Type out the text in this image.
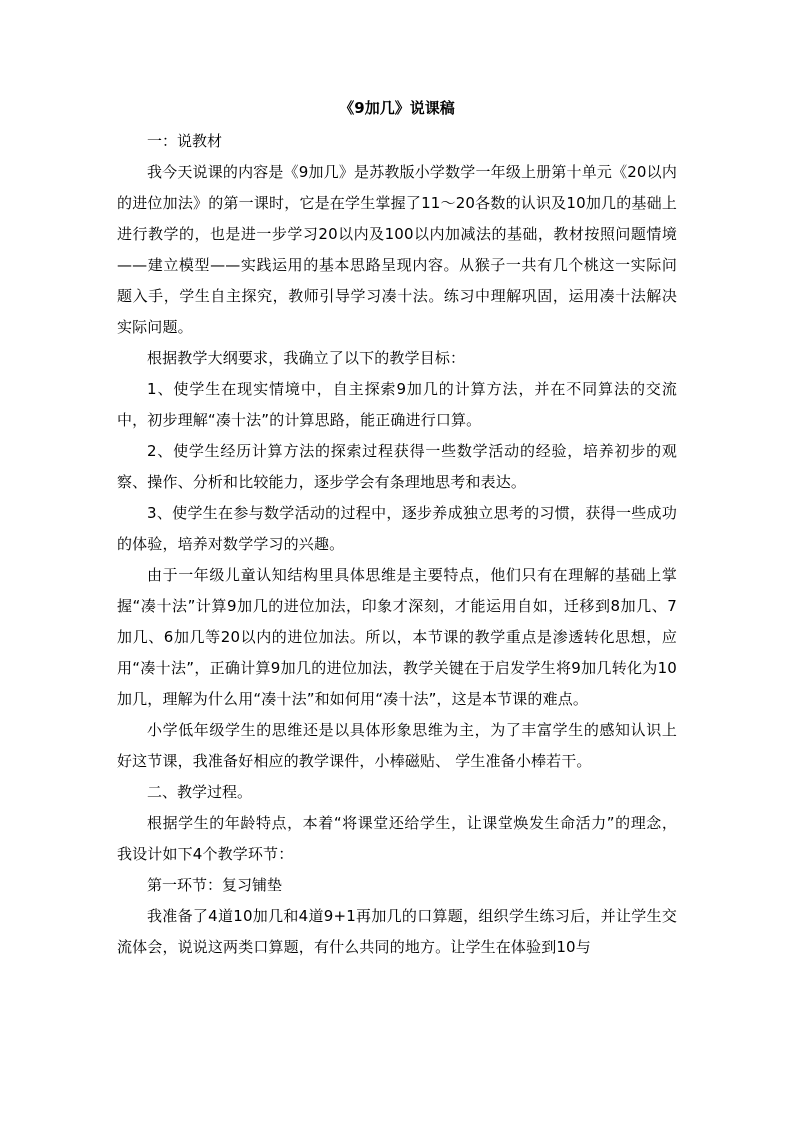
《9加几》说课稿

一：说教材

我今天说课的内容是《9加几》是苏教版小学数学一年级上册第十单元《20以内的进位加法》的第一课时，它是在学生掌握了11～20各数的认识及10加几的基础上进行教学的，也是进一步学习20以内及100以内加减法的基础，教材按照问题情境——建立模型——实践运用的基本思路呈现内容。从猴子一共有几个桃这一实际问题入手，学生自主探究，教师引导学习凑十法。练习中理解巩固，运用凑十法解决实际问题。

根据教学大纲要求，我确立了以下的教学目标：

1、使学生在现实情境中，自主探索9加几的计算方法，并在不同算法的交流中，初步理解“凑十法”的计算思路，能正确进行口算。

2、使学生经历计算方法的探索过程获得一些数学活动的经验，培养初步的观察、操作、分析和比较能力，逐步学会有条理地思考和表达。

3、使学生在参与数学活动的过程中，逐步养成独立思考的习惯，获得一些成功的体验，培养对数学学习的兴趣。

由于一年级儿童认知结构里具体思维是主要特点，他们只有在理解的基础上掌握“凑十法”计算9加几的进位加法，印象才深刻，才能运用自如，迁移到8加几、7加几、6加几等20以内的进位加法。所以，本节课的教学重点是渗透转化思想，应用“凑十法”，正确计算9加几的进位加法，教学关键在于启发学生将9加几转化为10加几，理解为什么用“凑十法”和如何用“凑十法”，这是本节课的难点。

小学低年级学生的思维还是以具体形象思维为主，为了丰富学生的感知认识上好这节课，我准备好相应的教学课件，小棒磁贴、 学生准备小棒若干。

二、教学过程。

根据学生的年龄特点，本着“将课堂还给学生，让课堂焕发生命活力”的理念，我设计如下4个教学环节：

第一环节：复习铺垫

我准备了4道10加几和4道9+1再加几的口算题，组织学生练习后，并让学生交流体会，说说这两类口算题，有什么共同的地方。让学生在体验到10与
